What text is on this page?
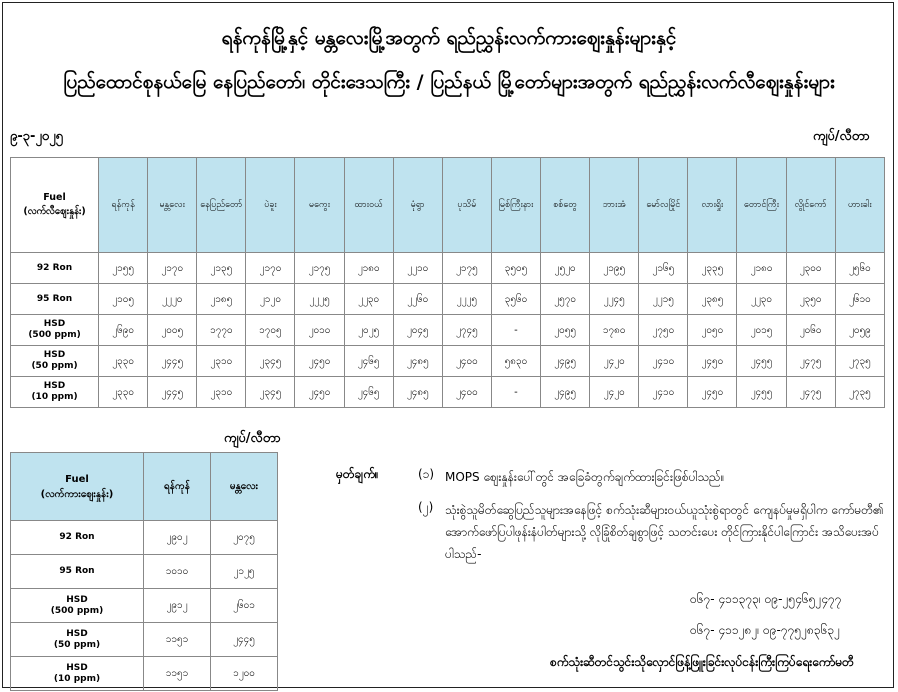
ရန်ကုန်မြို့နှင့် မန္တလေးမြို့အတွက် ရည်ညွှန်းလက်ကားဈေးနှုန်းများနှင့်
ပြည်ထောင်စုနယ်မြေ နေပြည်တော်၊ တိုင်းဒေသကြီး / ပြည်နယ် မြို့တော်များအတွက် ရည်ညွှန်းလက်လီဈေးနှုန်းများ
၉-၃-၂၀၂၅	ကျပ်/လီတာ
Fuel
(လက်လီဈေးနှုန်း)	ရန်ကုန်	မန္တလေး	နေပြည်တော်	ပဲခူး	မကွေး	ထားဝယ်	မုံရွာ	ပုသိမ်	မြစ်ကြီးနား	စစ်တွေ	ဘားအံ	မော်လမြိုင်	လားရှိုး	တောင်ကြီး	လွိုင်ကော်	ဟားခါး
92 Ron	၂၁၅၅	၂၁၇၀	၂၁၃၅	၂၁၇၀	၂၁၇၅	၂၁၈၀	၂၂၁၀	၂၁၇၅	၃၅၀၅	၂၅၂၀	၂၁၉၅	၂၁၆၅	၂၃၃၅	၂၁၈၀	၂၃၀၀	၂၅၆၀
95 Ron	၂၁၀၅	၂၂၂၀	၂၁၈၅	၂၁၂၀	၂၂၂၅	၂၂၃၀	၂၂၆၀	၂၂၂၅	၃၅၆၀	၂၅၇၀	၂၂၄၅	၂၂၁၅	၂၃၈၅	၂၂၃၀	၂၃၅၀	၂၆၁၀
HSD
(500 ppm)	၂၆၉၀	၂၀၀၅	၁၇၇၀	၁၇၀၅	၂၀၁၀	၂၀၂၅	၂၀၄၅	၂၇၄၅	-	၂၀၅၅	၁၇၈၀	၂၇၅၀	၂၀၅၀	၂၀၁၅	၂၀၆၀	၂၀၅၉
HSD
(50 ppm)	၂၃၃၀	၂၄၄၅	၂၃၁၀	၂၃၄၅	၂၄၅၀	၂၄၆၅	၂၄၈၅	၂၄၀၀	၅၈၃၀	၂၄၉၅	၂၄၂၀	၂၄၁၀	၂၄၅၀	၂၄၅၅	၂၄၇၅	၂၇၃၅
HSD
(10 ppm)	၂၃၃၀	၂၄၄၅	၂၃၁၀	၂၃၄၅	၂၄၅၀	၂၄၆၅	၂၄၈၅	၂၄၀၀	-	၂၄၉၅	၂၄၂၀	၂၄၁၀	၂၄၅၀	၂၄၅၅	၂၄၇၅	၂၇၃၅
ကျပ်/လီတာ
Fuel
(လက်ကားဈေးနှုန်း)	ရန်ကုန်	မန္တလေး
92 Ron	၂၉၀၂	၂၀၇၅
95 Ron	၁၀၁၀	၂၁၂၅
HSD
(500 ppm)	၂၉၁၂	၂၆၀၁
HSD
(50 ppm)	၁၁၅၁	၂၄၄၅
HSD
(10 ppm)	၁၁၅၁	၁၂၀၀
မှတ်ချက်။	(၁) MOPS ဈေးနှုန်းပေါ်တွင် အခြေခံတွက်ချက်ထားခြင်းဖြစ်ပါသည်။
(၂) သုံးစွဲသူမိတ်ဆွေပြည်သူများအနေဖြင့် စက်သုံးဆီများဝယ်ယူသုံးစွဲရာတွင် ကျေနပ်မှုမရှိပါက ကော်မတီ၏ အောက်ဖော်ပြပါဖုန်းနံပါတ်များသို့ လိုခြုံစိတ်ချစွာဖြင့် သတင်းပေး တိုင်ကြားနိုင်ပါကြောင်း အသိပေးအပ်ပါသည်-
၀၆၇- ၄၁၁၃၇၃၊ ၀၉-၂၅၄၆၅၂၄၇၇
၀၆၇- ၄၁၁၂၈၂၊ ၀၉-၇၇၅၂၈၃၆၃၂
စက်သုံးဆီတင်သွင်းသိုလှောင်ဖြန့်ဖြူးခြင်းလုပ်ငန်းကြီးကြပ်ရေးကော်မတီ
